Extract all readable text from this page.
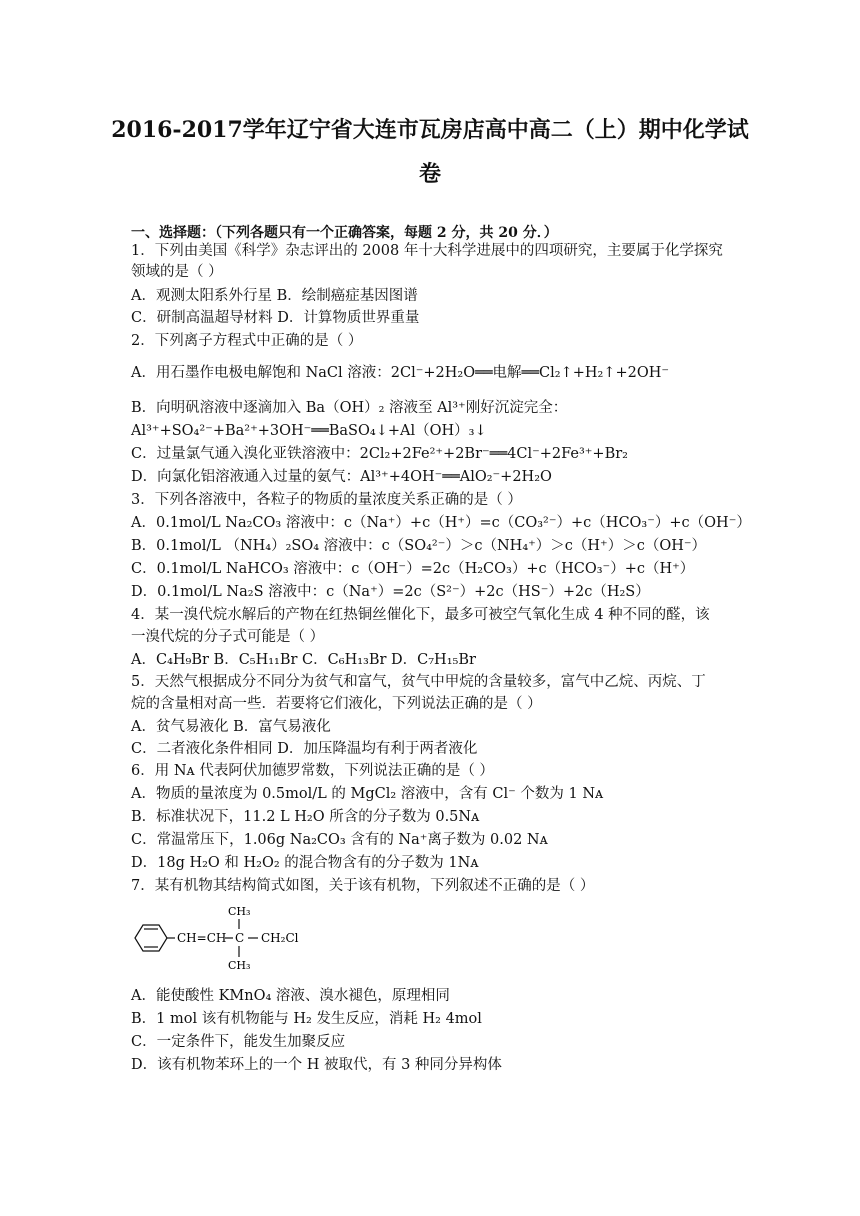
2016-2017学年辽宁省大连市瓦房店高中高二（上）期中化学试
卷
一、选择题：（下列各题只有一个正确答案，每题 2 分，共 20 分．）
1．下列由美国《科学》杂志评出的 2008 年十大科学进展中的四项研究，主要属于化学探究
领域的是（ ）
A．观测太阳系外行星 B．绘制癌症基因图谱
C．研制高温超导材料 D．计算物质世界重量
2．下列离子方程式中正确的是（ ）
A．用石墨作电极电解饱和 NaCl 溶液：2Cl⁻+2H₂O══电解══Cl₂↑+H₂↑+2OH⁻
B．向明矾溶液中逐滴加入 Ba（OH）₂ 溶液至 Al³⁺刚好沉淀完全：
Al³⁺+SO₄²⁻+Ba²⁺+3OH⁻══BaSO₄↓+Al（OH）₃↓
C．过量氯气通入溴化亚铁溶液中：2Cl₂+2Fe²⁺+2Br⁻══4Cl⁻+2Fe³⁺+Br₂
D．向氯化铝溶液通入过量的氨气：Al³⁺+4OH⁻══AlO₂⁻+2H₂O
3．下列各溶液中，各粒子的物质的量浓度关系正确的是（ ）
A．0.1mol/L Na₂CO₃ 溶液中：c（Na⁺）+c（H⁺）=c（CO₃²⁻）+c（HCO₃⁻）+c（OH⁻）
B．0.1mol/L （NH₄）₂SO₄ 溶液中：c（SO₄²⁻）＞c（NH₄⁺）＞c（H⁺）＞c（OH⁻）
C．0.1mol/L NaHCO₃ 溶液中：c（OH⁻）=2c（H₂CO₃）+c（HCO₃⁻）+c（H⁺）
D．0.1mol/L Na₂S 溶液中：c（Na⁺）=2c（S²⁻）+2c（HS⁻）+2c（H₂S）
4．某一溴代烷水解后的产物在红热铜丝催化下，最多可被空气氧化生成 4 种不同的醛，该
一溴代烷的分子式可能是（ ）
A．C₄H₉Br B．C₅H₁₁Br C．C₆H₁₃Br D．C₇H₁₅Br
5．天然气根据成分不同分为贫气和富气，贫气中甲烷的含量较多，富气中乙烷、丙烷、丁
烷的含量相对高一些．若要将它们液化，下列说法正确的是（ ）
A．贫气易液化 B．富气易液化
C．二者液化条件相同 D．加压降温均有利于两者液化
6．用 Nᴀ 代表阿伏加德罗常数，下列说法正确的是（ ）
A．物质的量浓度为 0.5mol/L 的 MgCl₂ 溶液中，含有 Cl⁻ 个数为 1 Nᴀ
B．标准状况下，11.2 L H₂O 所含的分子数为 0.5Nᴀ
C．常温常压下，1.06g Na₂CO₃ 含有的 Na⁺离子数为 0.02 Nᴀ
D．18g H₂O 和 H₂O₂ 的混合物含有的分子数为 1Nᴀ
7．某有机物其结构简式如图，关于该有机物，下列叙述不正确的是（ ）
CH=CH C
CH₃
CH₃
CH₂Cl
A．能使酸性 KMnO₄ 溶液、溴水褪色，原理相同
B．1 mol 该有机物能与 H₂ 发生反应，消耗 H₂ 4mol
C．一定条件下，能发生加聚反应
D．该有机物苯环上的一个 H 被取代，有 3 种同分异构体
